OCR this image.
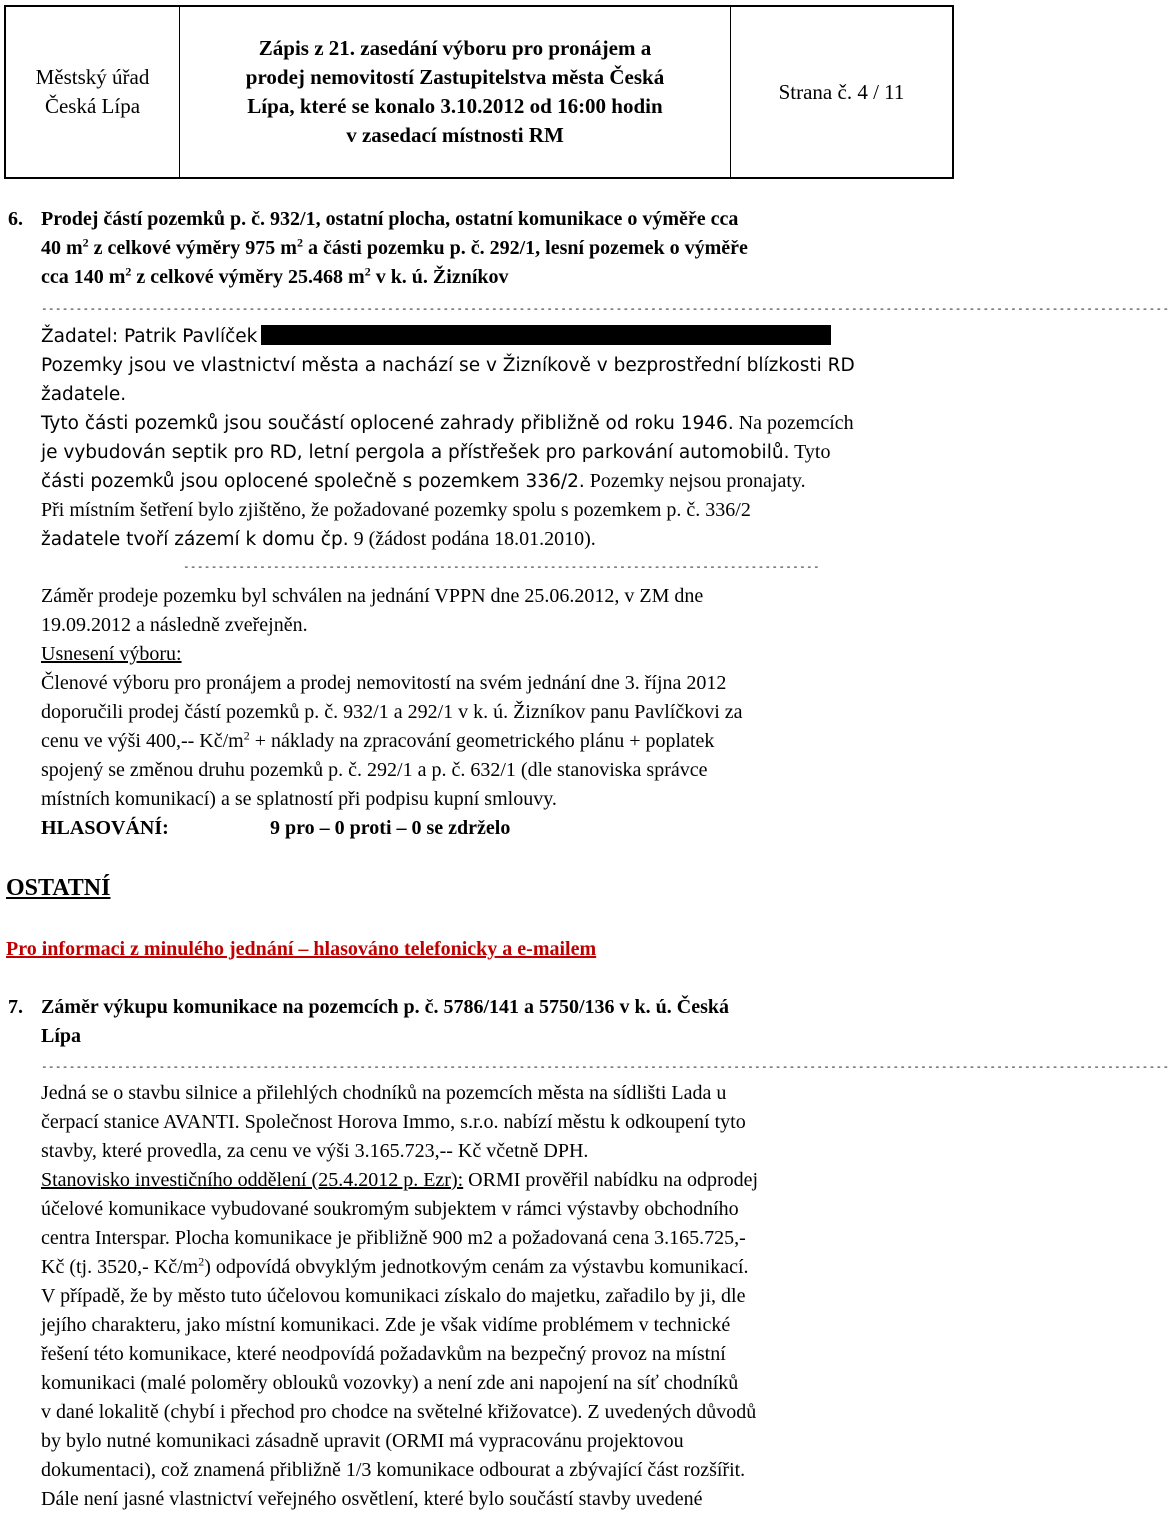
Městský úřad
Česká Lípa
Zápis z 21. zasedání výboru pro pronájem a
prodej nemovitostí Zastupitelstva města Česká
Lípa, které se konalo 3.10.2012 od 16:00 hodin
v zasedací místnosti RM
Strana č. 4 / 11
6. Prodej částí pozemků p. č. 932/1, ostatní plocha, ostatní komunikace o výměře cca
40 $m^2$ z celkové výměry 975 $m^2$ a části pozemku p. č. 292/1, lesní pozemek o výměře
cca 140 $m^2$ z celkové výměry 25.468 $m^2$ v k. ú. Žizníkov
-------------------------------------------------------------------------------------------------------------------------------------------------------------------
Žadatel: Patrik Pavlíček
Pozemky jsou ve vlastnictví města a nachází se v Žizníkově v bezprostřední blízkosti RD
žadatele.
Tyto části pozemků jsou součástí oplocené zahrady přibližně od roku 1946. Na pozemcích
je vybudován septik pro RD, letní pergola a přístřešek pro parkování automobilů. Tyto
části pozemků jsou oplocené společně s pozemkem 336/2. Pozemky nejsou pronajaty.
Při místním šetření bylo zjištěno, že požadované pozemky spolu s pozemkem p. č. 336/2
žadatele tvoří zázemí k domu čp. 9 (žádost podána 18.01.2010).
--------------------------------------------------------------------------------------------
Záměr prodeje pozemku byl schválen na jednání VPPN dne 25.06.2012, v ZM dne
19.09.2012 a následně zveřejněn.
Usnesení výboru:
Členové výboru pro pronájem a prodej nemovitostí na svém jednání dne 3. října 2012
doporučili prodej částí pozemků p. č. 932/1 a 292/1 v k. ú. Žizníkov panu Pavlíčkovi za
cenu ve výši 400,-- $Kč/m^2$ + náklady na zpracování geometrického plánu + poplatek
spojený se změnou druhu pozemků p. č. 292/1 a p. č. 632/1 (dle stanoviska správce
místních komunikací) a se splatností při podpisu kupní smlouvy.
HLASOVÁNÍ:	9 pro – 0 proti – 0 se zdrželo
OSTATNÍ
Pro informaci z minulého jednání – hlasováno telefonicky a e-mailem
7. Záměr výkupu komunikace na pozemcích p. č. 5786/141 a 5750/136 v k. ú. Česká
Lípa
-------------------------------------------------------------------------------------------------------------------------------------------------------------------
Jedná se o stavbu silnice a přilehlých chodníků na pozemcích města na sídlišti Lada u
čerpací stanice AVANTI. Společnost Horova Immo, s.r.o. nabízí městu k odkoupení tyto
stavby, které provedla, za cenu ve výši 3.165.723,-- Kč včetně DPH.
Stanovisko investičního oddělení (25.4.2012 p. Ezr): ORMI prověřil nabídku na odprodej
účelové komunikace vybudované soukromým subjektem v rámci výstavby obchodního
centra Interspar. Plocha komunikace je přibližně 900 m2 a požadovaná cena 3.165.725,-
Kč (tj. 3520,- $Kč/m^2$) odpovídá obvyklým jednotkovým cenám za výstavbu komunikací.
V případě, že by město tuto účelovou komunikaci získalo do majetku, zařadilo by ji, dle
jejího charakteru, jako místní komunikaci. Zde je však vidíme problémem v technické
řešení této komunikace, které neodpovídá požadavkům na bezpečný provoz na místní
komunikaci (malé poloměry oblouků vozovky) a není zde ani napojení na síť chodníků
v dané lokalitě (chybí i přechod pro chodce na světelné křižovatce). Z uvedených důvodů
by bylo nutné komunikaci zásadně upravit (ORMI má vypracovánu projektovou
dokumentaci), což znamená přibližně 1/3 komunikace odbourat a zbývající část rozšířit.
Dále není jasné vlastnictví veřejného osvětlení, které bylo součástí stavby uvedené
